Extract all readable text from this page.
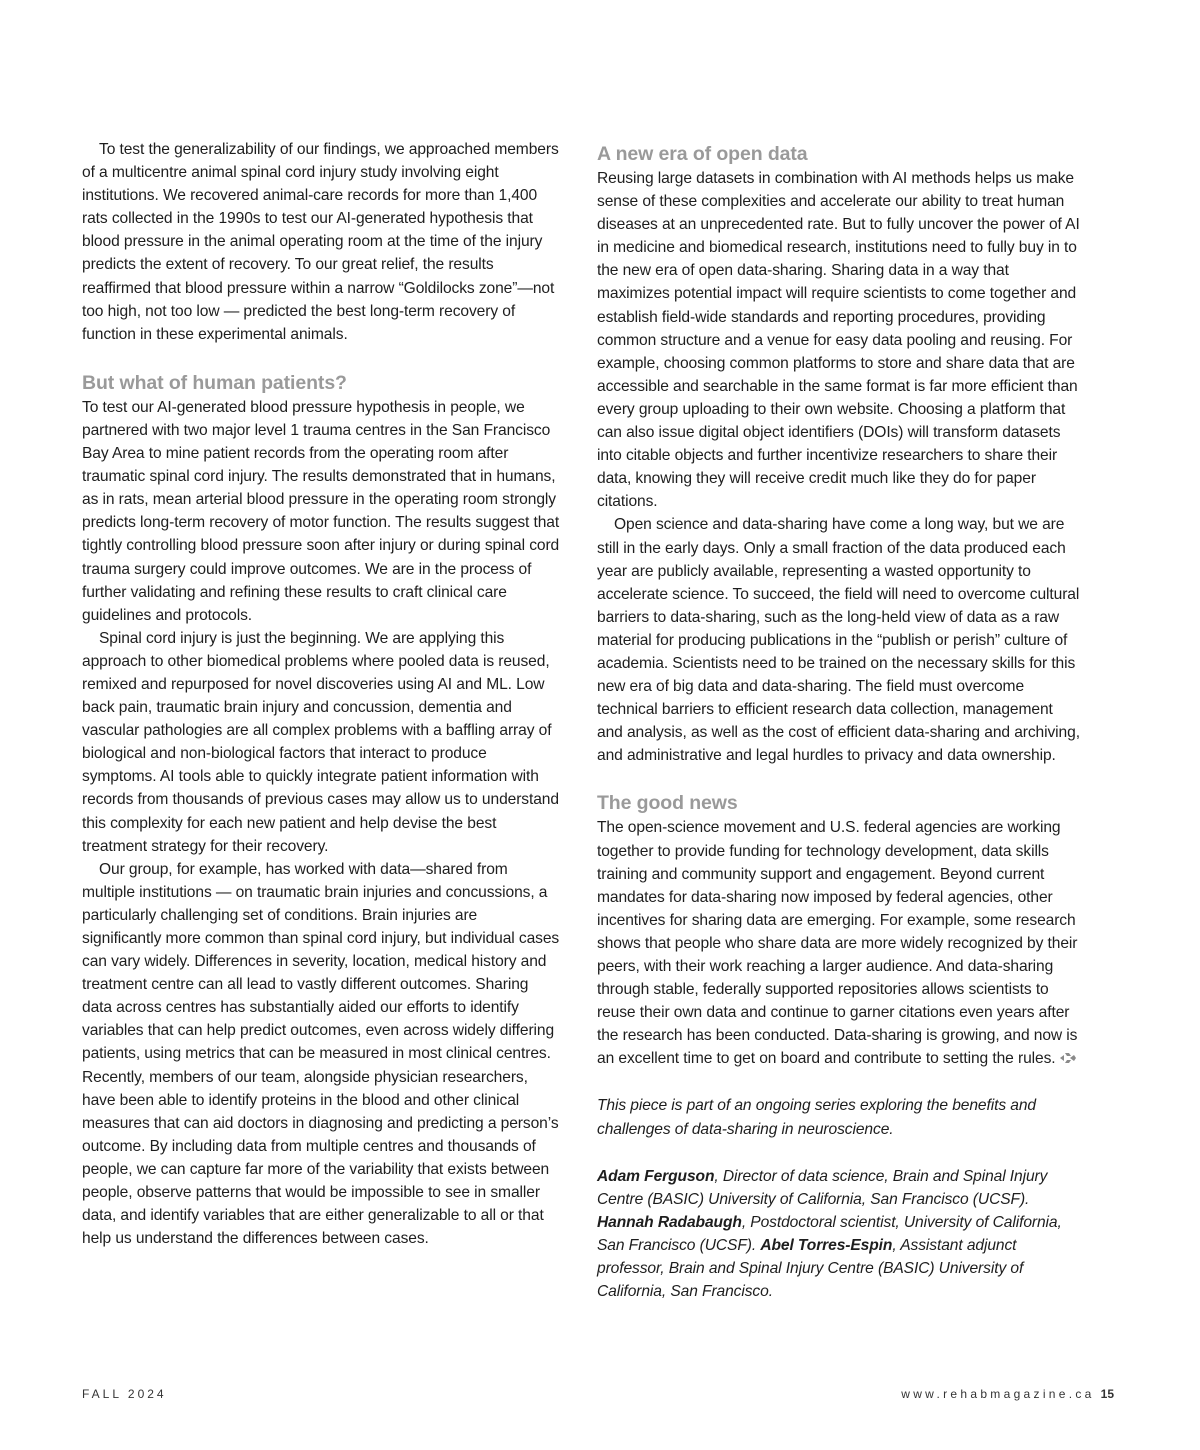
To test the generalizability of our findings, we approached members of a multicentre animal spinal cord injury study involving eight institutions. We recovered animal-care records for more than 1,400 rats collected in the 1990s to test our AI-generated hypothesis that blood pressure in the animal operating room at the time of the injury predicts the extent of recovery. To our great relief, the results reaffirmed that blood pressure within a narrow “Goldilocks zone”—not too high, not too low — predicted the best long-term recovery of function in these experimental animals.

But what of human patients?

To test our AI-generated blood pressure hypothesis in people, we partnered with two major level 1 trauma centres in the San Francisco Bay Area to mine patient records from the operating room after traumatic spinal cord injury. The results demonstrated that in humans, as in rats, mean arterial blood pressure in the operating room strongly predicts long-term recovery of motor function. The results suggest that tightly controlling blood pressure soon after injury or during spinal cord trauma surgery could improve outcomes. We are in the process of further validating and refining these results to craft clinical care guidelines and protocols.

Spinal cord injury is just the beginning. We are applying this approach to other biomedical problems where pooled data is reused, remixed and repurposed for novel discoveries using AI and ML. Low back pain, traumatic brain injury and concussion, dementia and vascular pathologies are all complex problems with a baffling array of biological and non-biological factors that interact to produce symptoms. AI tools able to quickly integrate patient information with records from thousands of previous cases may allow us to understand this complexity for each new patient and help devise the best treatment strategy for their recovery.

Our group, for example, has worked with data—shared from multiple institutions — on traumatic brain injuries and concussions, a particularly challenging set of conditions. Brain injuries are significantly more common than spinal cord injury, but individual cases can vary widely. Differences in severity, location, medical history and treatment centre can all lead to vastly different outcomes. Sharing data across centres has substantially aided our efforts to identify variables that can help predict outcomes, even across widely differing patients, using metrics that can be measured in most clinical centres. Recently, members of our team, alongside physician researchers, have been able to identify proteins in the blood and other clinical measures that can aid doctors in diagnosing and predicting a person’s outcome. By including data from multiple centres and thousands of people, we can capture far more of the variability that exists between people, observe patterns that would be impossible to see in smaller data, and identify variables that are either generalizable to all or that help us understand the differences between cases.

A new era of open data

Reusing large datasets in combination with AI methods helps us make sense of these complexities and accelerate our ability to treat human diseases at an unprecedented rate. But to fully uncover the power of AI in medicine and biomedical research, institutions need to fully buy in to the new era of open data-sharing. Sharing data in a way that maximizes potential impact will require scientists to come together and establish field-wide standards and reporting procedures, providing common structure and a venue for easy data pooling and reusing. For example, choosing common platforms to store and share data that are accessible and searchable in the same format is far more efficient than every group uploading to their own website. Choosing a platform that can also issue digital object identifiers (DOIs) will transform datasets into citable objects and further incentivize researchers to share their data, knowing they will receive credit much like they do for paper citations.

Open science and data-sharing have come a long way, but we are still in the early days. Only a small fraction of the data produced each year are publicly available, representing a wasted opportunity to accelerate science. To succeed, the field will need to overcome cultural barriers to data-sharing, such as the long-held view of data as a raw material for producing publications in the “publish or perish” culture of academia. Scientists need to be trained on the necessary skills for this new era of big data and data-sharing. The field must overcome technical barriers to efficient research data collection, management and analysis, as well as the cost of efficient data-sharing and archiving, and administrative and legal hurdles to privacy and data ownership.

The good news

The open-science movement and U.S. federal agencies are working together to provide funding for technology development, data skills training and community support and engagement. Beyond current mandates for data-sharing now imposed by federal agencies, other incentives for sharing data are emerging. For example, some research shows that people who share data are more widely recognized by their peers, with their work reaching a larger audience. And data-sharing through stable, federally supported repositories allows scientists to reuse their own data and continue to garner citations even years after the research has been conducted. Data-sharing is growing, and now is an excellent time to get on board and contribute to setting the rules.

This piece is part of an ongoing series exploring the benefits and challenges of data-sharing in neuroscience.

Adam Ferguson, Director of data science, Brain and Spinal Injury Centre (BASIC) University of California, San Francisco (UCSF). Hannah Radabaugh, Postdoctoral scientist, University of California, San Francisco (UCSF). Abel Torres-Espin, Assistant adjunct professor, Brain and Spinal Injury Centre (BASIC) University of California, San Francisco.

FALL 2024	www.rehabmagazine.ca 15
